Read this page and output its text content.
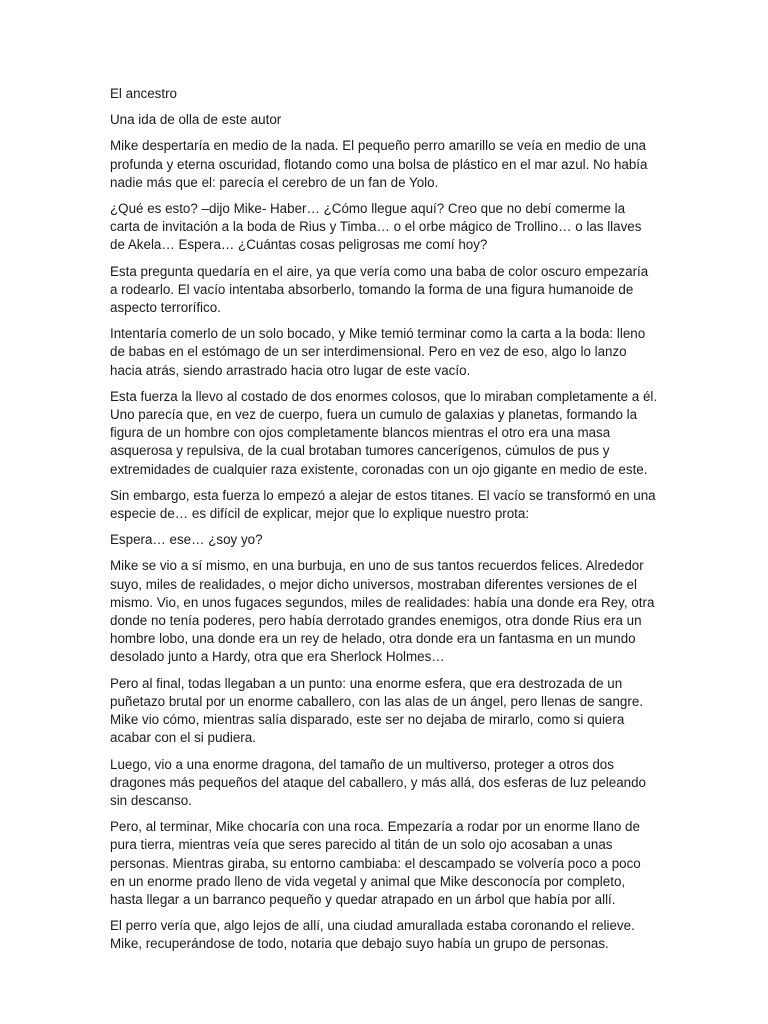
El ancestro

Una ida de olla de este autor

Mike despertaría en medio de la nada. El pequeño perro amarillo se veía en medio de una profunda y eterna oscuridad, flotando como una bolsa de plástico en el mar azul. No había nadie más que el: parecía el cerebro de un fan de Yolo.

¿Qué es esto? –dijo Mike- Haber… ¿Cómo llegue aquí? Creo que no debí comerme la carta de invitación a la boda de Rius y Timba… o el orbe mágico de Trollino… o las llaves de Akela… Espera… ¿Cuántas cosas peligrosas me comí hoy?

Esta pregunta quedaría en el aire, ya que vería como una baba de color oscuro empezaría a rodearlo. El vacío intentaba absorberlo, tomando la forma de una figura humanoide de aspecto terrorífico.

Intentaría comerlo de un solo bocado, y Mike temió terminar como la carta a la boda: lleno de babas en el estómago de un ser interdimensional. Pero en vez de eso, algo lo lanzo hacia atrás, siendo arrastrado hacia otro lugar de este vacío.

Esta fuerza la llevo al costado de dos enormes colosos, que lo miraban completamente a él. Uno parecía que, en vez de cuerpo, fuera un cumulo de galaxias y planetas, formando la figura de un hombre con ojos completamente blancos mientras el otro era una masa asquerosa y repulsiva, de la cual brotaban tumores cancerígenos, cúmulos de pus y extremidades de cualquier raza existente, coronadas con un ojo gigante en medio de este.

Sin embargo, esta fuerza lo empezó a alejar de estos titanes. El vacío se transformó en una especie de… es difícil de explicar, mejor que lo explique nuestro prota:

Espera… ese… ¿soy yo?

Mike se vio a sí mismo, en una burbuja, en uno de sus tantos recuerdos felices. Alrededor suyo, miles de realidades, o mejor dicho universos, mostraban diferentes versiones de el mismo. Vio, en unos fugaces segundos, miles de realidades: había una donde era Rey, otra donde no tenía poderes, pero había derrotado grandes enemigos, otra donde Rius era un hombre lobo, una donde era un rey de helado, otra donde era un fantasma en un mundo desolado junto a Hardy, otra que era Sherlock Holmes…

Pero al final, todas llegaban a un punto: una enorme esfera, que era destrozada de un puñetazo brutal por un enorme caballero, con las alas de un ángel, pero llenas de sangre. Mike vio cómo, mientras salía disparado, este ser no dejaba de mirarlo, como si quiera acabar con el si pudiera.

Luego, vio a una enorme dragona, del tamaño de un multiverso, proteger a otros dos dragones más pequeños del ataque del caballero, y más allá, dos esferas de luz peleando sin descanso.

Pero, al terminar, Mike chocaría con una roca. Empezaría a rodar por un enorme llano de pura tierra, mientras veía que seres parecido al titán de un solo ojo acosaban a unas personas. Mientras giraba, su entorno cambiaba: el descampado se volvería poco a poco en un enorme prado lleno de vida vegetal y animal que Mike desconocía por completo, hasta llegar a un barranco pequeño y quedar atrapado en un árbol que había por allí.

El perro vería que, algo lejos de allí, una ciudad amurallada estaba coronando el relieve. Mike, recuperándose de todo, notaria que debajo suyo había un grupo de personas.
